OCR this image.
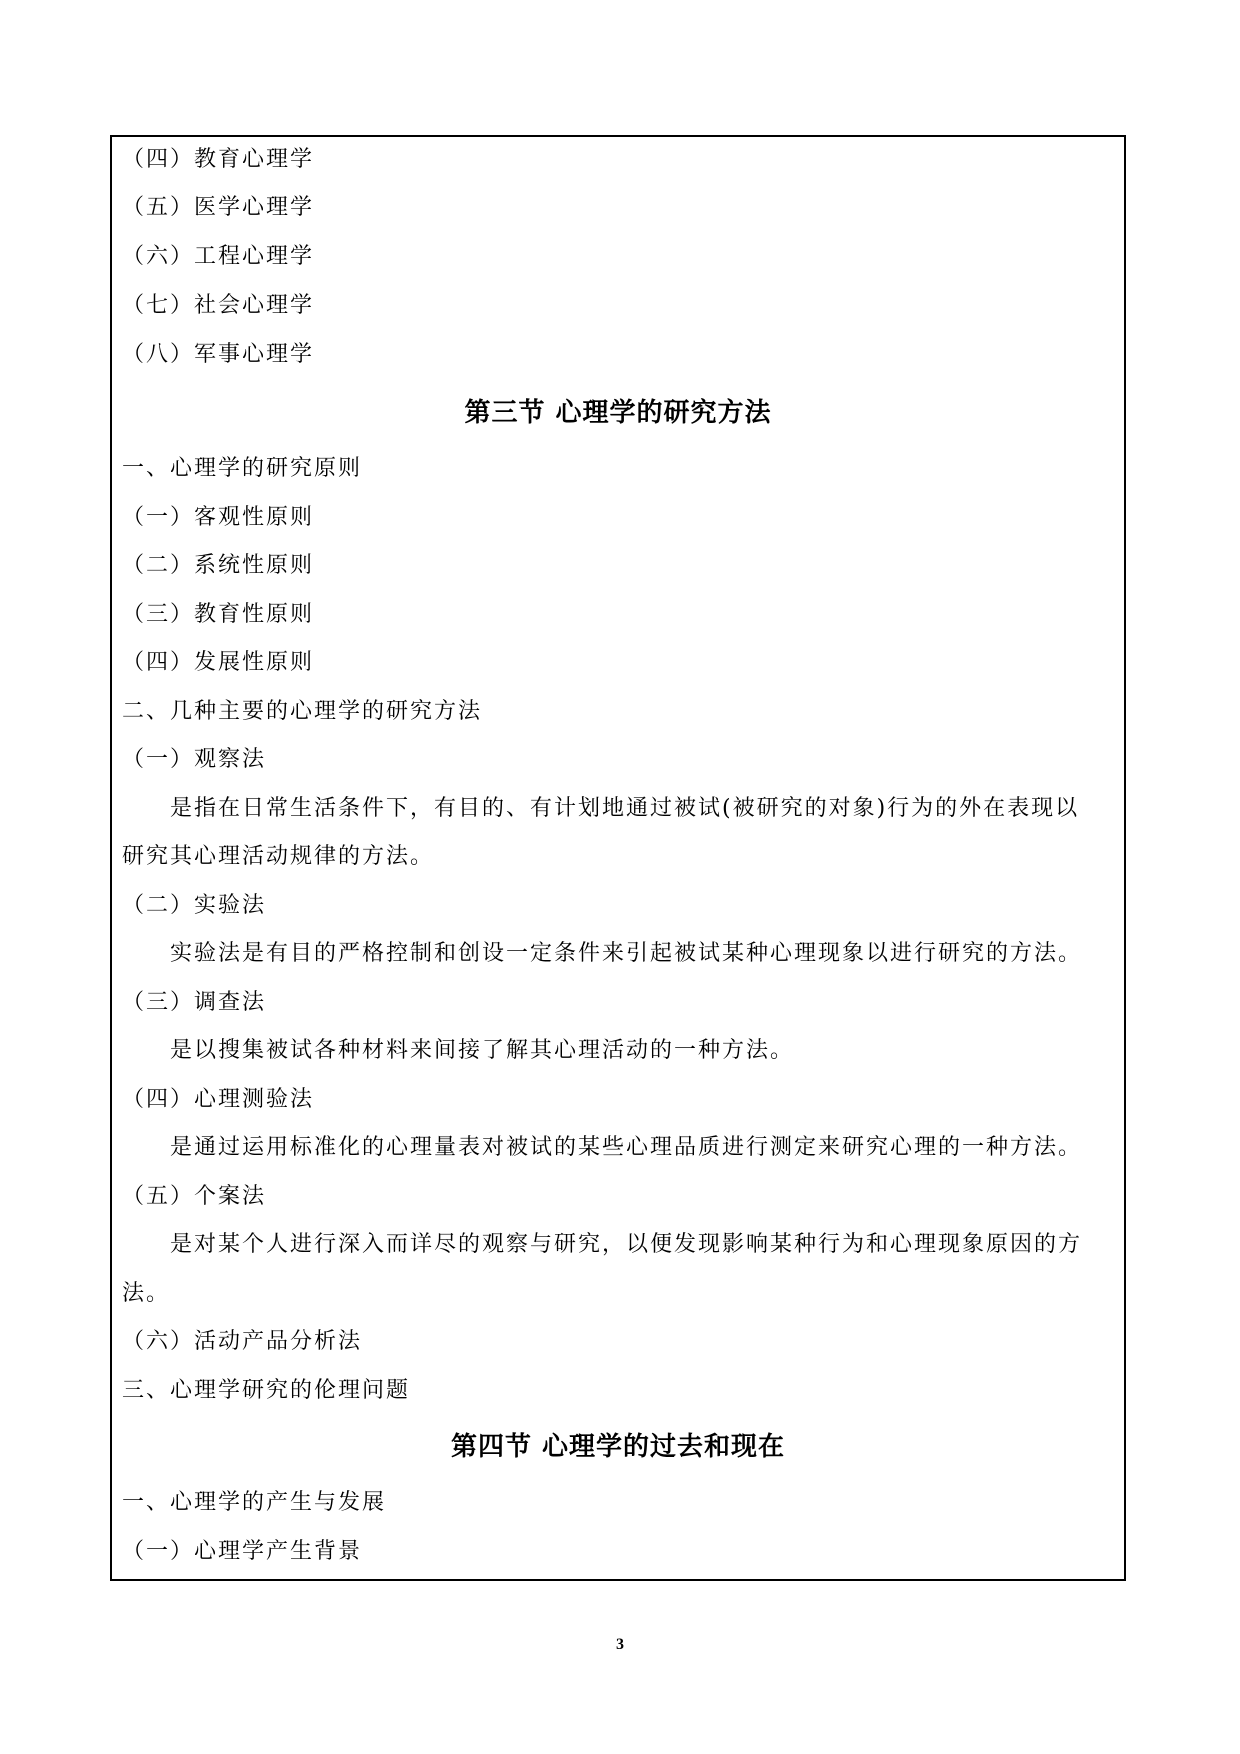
（四）教育心理学
（五）医学心理学
（六）工程心理学
（七）社会心理学
（八）军事心理学
第三节 心理学的研究方法
一、心理学的研究原则
（一）客观性原则
（二）系统性原则
（三）教育性原则
（四）发展性原则
二、几种主要的心理学的研究方法
（一）观察法
是指在日常生活条件下，有目的、有计划地通过被试(被研究的对象)行为的外在表现以
研究其心理活动规律的方法。
（二）实验法
实验法是有目的严格控制和创设一定条件来引起被试某种心理现象以进行研究的方法。
（三）调查法
是以搜集被试各种材料来间接了解其心理活动的一种方法。
（四）心理测验法
是通过运用标准化的心理量表对被试的某些心理品质进行测定来研究心理的一种方法。
（五）个案法
是对某个人进行深入而详尽的观察与研究，以便发现影响某种行为和心理现象原因的方
法。
（六）活动产品分析法
三、心理学研究的伦理问题
第四节 心理学的过去和现在
一、心理学的产生与发展
（一）心理学产生背景
3
